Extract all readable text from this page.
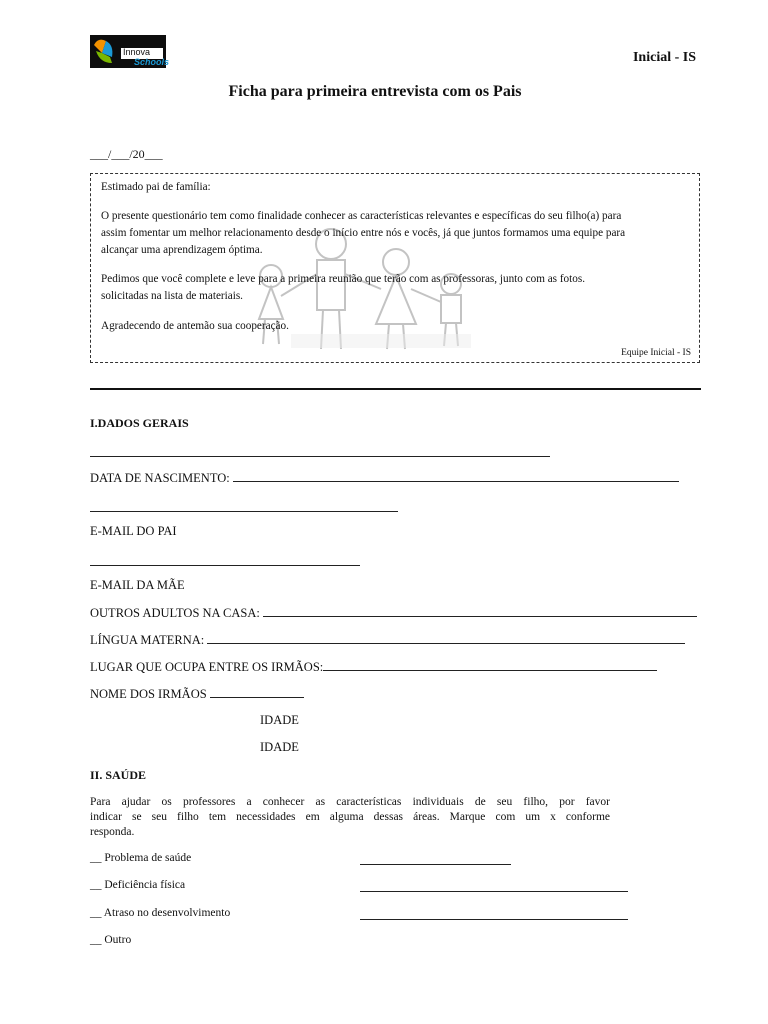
Innova
Schools	Inicial - IS
Ficha para primeira entrevista com os Pais
___/___/20___

Estimado pai de família:

O presente questionário tem como finalidade conhecer as características relevantes e específicas do seu filho(a) para

assim fomentar um melhor relacionamento desde o início entre nós e vocês, já que juntos formamos uma equipe para

alcançar uma aprendizagem óptima.

Pedimos que você complete e leve para a primeira reunião que terão com as professoras, junto com as fotos.

solicitadas na lista de materiais.

Agradecendo de antemão sua cooperação.

Equipe Inicial - IS
I.DADOS GERAIS
DATA DE NASCIMENTO:
E-MAIL DO PAI
E-MAIL DA MÃE
OUTROS ADULTOS NA CASA:
LÍNGUA MATERNA:
LUGAR QUE OCUPA ENTRE OS IRMÃOS:
NOME DOS IRMÃOS
IDADE
IDADE
II. SAÚDE
Para ajudar os professores a conhecer as características individuais de seu filho, por favor
indicar se seu filho tem necessidades em alguma dessas áreas. Marque com um x conforme
responda.
__ Problema de saúde
__ Deficiência física
__ Atraso no desenvolvimento
__ Outro
